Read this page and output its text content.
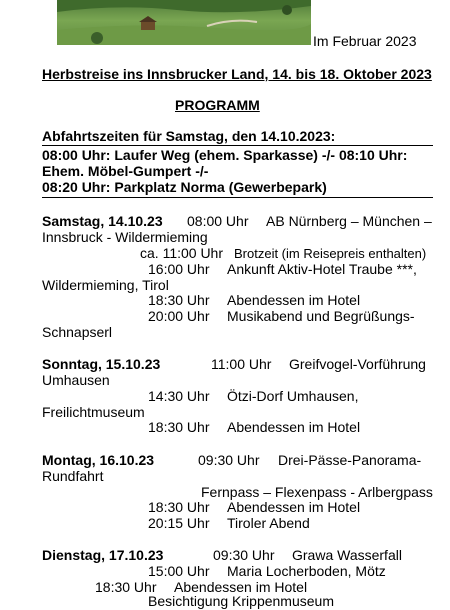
Im Februar 2023
Herbstreise ins Innsbrucker Land, 14. bis 18. Oktober 2023
PROGRAMM
Abfahrtszeiten für Samstag, den 14.10.2023:
08:00 Uhr: Laufer Weg (ehem. Sparkasse) -/- 08:10 Uhr:
Ehem. Möbel-Gumpert -/-
08:20 Uhr: Parkplatz Norma (Gewerbepark)
Samstag, 14.10.23 08:00 Uhr AB Nürnberg – München –
Innsbruck - Wildermieming
ca. 11:00 Uhr Brotzeit (im Reisepreis enthalten)
16:00 Uhr Ankunft Aktiv-Hotel Traube ***,
Wildermieming, Tirol
18:30 Uhr Abendessen im Hotel
20:00 Uhr Musikabend und Begrüßungs-
Schnapserl
Sonntag, 15.10.23	11:00 Uhr Greifvogel-Vorführung
Umhausen
14:30 Uhr Ötzi-Dorf Umhausen,
Freilichtmuseum
18:30 Uhr Abendessen im Hotel
Montag, 16.10.23	09:30 Uhr Drei-Pässe-Panorama-
Rundfahrt
Fernpass – Flexenpass - Arlbergpass
18:30 Uhr Abendessen im Hotel
20:15 Uhr Tiroler Abend
Dienstag, 17.10.23	09:30 Uhr Grawa Wasserfall
15:00 Uhr Maria Locherboden, Mötz
18:30 Uhr Abendessen im Hotel
Besichtigung Krippenmuseum
